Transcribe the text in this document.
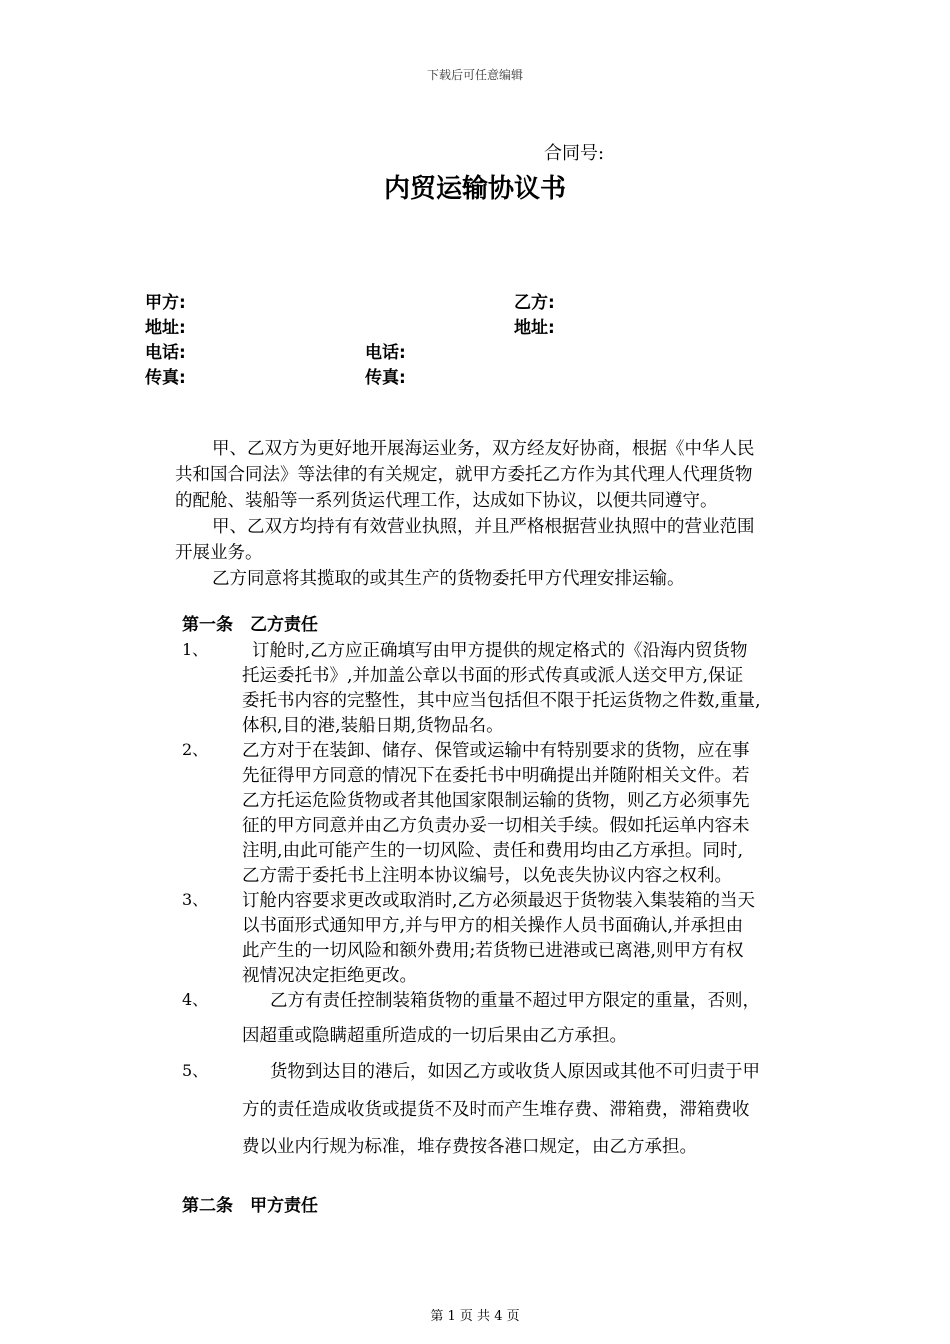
下载后可任意编辑
合同号:
内贸运输协议书
甲方:	乙方:
地址:	地址:
电话:	电话:
传真:	传真:
甲、乙双方为更好地开展海运业务，双方经友好协商，根据《中华人民
共和国合同法》等法律的有关规定，就甲方委托乙方作为其代理人代理货物
的配舱、装船等一系列货运代理工作，达成如下协议，以便共同遵守。
甲、乙双方均持有有效营业执照，并且严格根据营业执照中的营业范围
开展业务。
乙方同意将其揽取的或其生产的货物委托甲方代理安排运输。
第一条　乙方责任
1、	订舱时,乙方应正确填写由甲方提供的规定格式的《沿海内贸货物
托运委托书》,并加盖公章以书面的形式传真或派人送交甲方,保证
委托书内容的完整性，其中应当包括但不限于托运货物之件数,重量,
体积,目的港,装船日期,货物品名。
2、 乙方对于在装卸、储存、保管或运输中有特别要求的货物，应在事
先征得甲方同意的情况下在委托书中明确提出并随附相关文件。若
乙方托运危险货物或者其他国家限制运输的货物，则乙方必须事先
征的甲方同意并由乙方负责办妥一切相关手续。假如托运单内容未
注明,由此可能产生的一切风险、责任和费用均由乙方承担。同时,
乙方需于委托书上注明本协议编号，以免丧失协议内容之权利。
3、 订舱内容要求更改或取消时,乙方必须最迟于货物装入集装箱的当天
以书面形式通知甲方,并与甲方的相关操作人员书面确认,并承担由
此产生的一切风险和额外费用;若货物已进港或已离港,则甲方有权
视情况决定拒绝更改。
4、	乙方有责任控制装箱货物的重量不超过甲方限定的重量，否则，
因超重或隐瞒超重所造成的一切后果由乙方承担。
5、	货物到达目的港后，如因乙方或收货人原因或其他不可归责于甲
方的责任造成收货或提货不及时而产生堆存费、滞箱费，滞箱费收
费以业内行规为标准，堆存费按各港口规定，由乙方承担。
第二条　甲方责任
第 1 页 共 4 页
